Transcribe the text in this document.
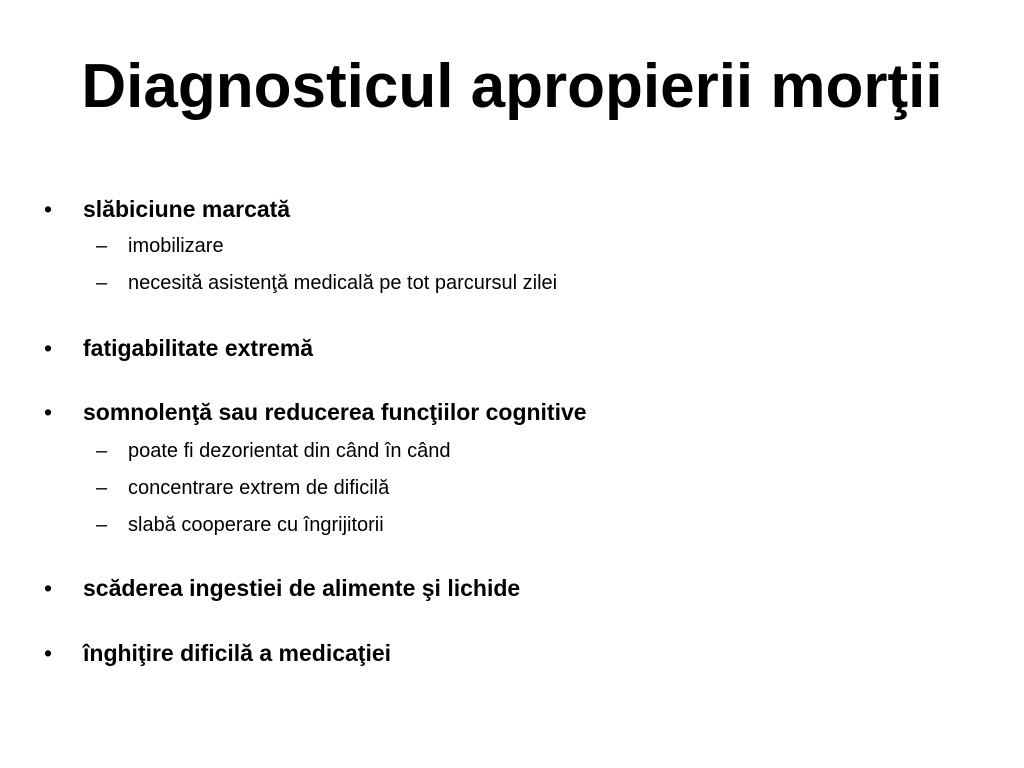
Diagnosticul apropierii morţii
• slăbiciune marcată
– imobilizare
– necesită asistenţă medicală pe tot parcursul zilei
• fatigabilitate extremă
• somnolenţă sau reducerea funcţiilor cognitive
– poate fi dezorientat din când în când
– concentrare extrem de dificilă
– slabă cooperare cu îngrijitorii
• scăderea ingestiei de alimente şi lichide
• înghiţire dificilă a medicaţiei
